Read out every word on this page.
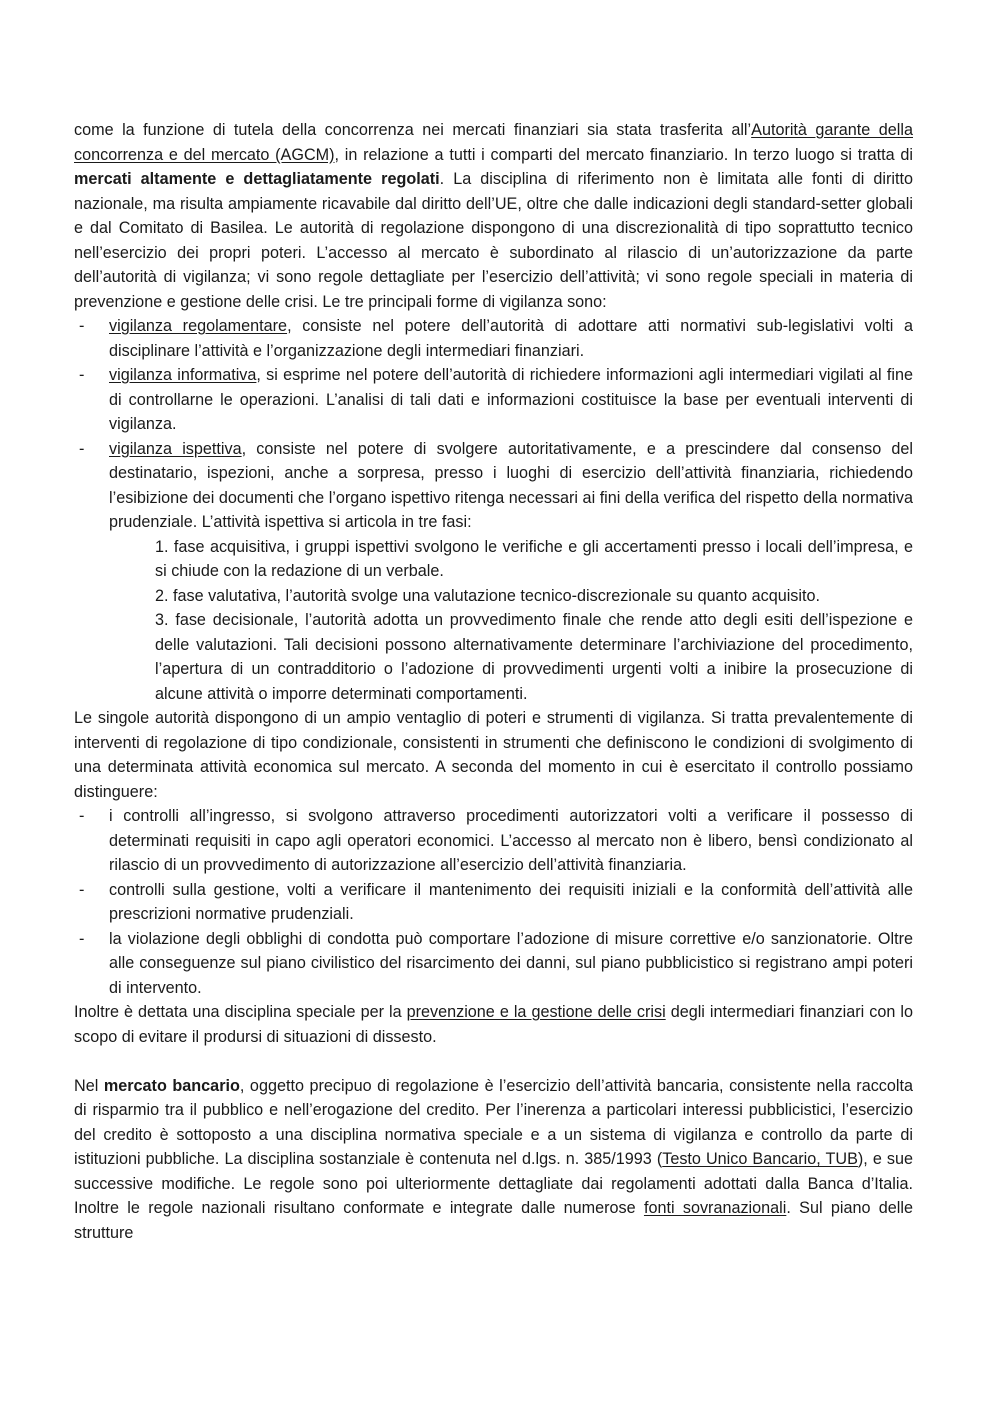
come la funzione di tutela della concorrenza nei mercati finanziari sia stata trasferita all’Autorità garante della concorrenza e del mercato (AGCM), in relazione a tutti i comparti del mercato finanziario. In terzo luogo si tratta di mercati altamente e dettagliatamente regolati. La disciplina di riferimento non è limitata alle fonti di diritto nazionale, ma risulta ampiamente ricavabile dal diritto dell’UE, oltre che dalle indicazioni degli standard-setter globali e dal Comitato di Basilea. Le autorità di regolazione dispongono di una discrezionalità di tipo soprattutto tecnico nell’esercizio dei propri poteri. L’accesso al mercato è subordinato al rilascio di un’autorizzazione da parte dell’autorità di vigilanza; vi sono regole dettagliate per l’esercizio dell’attività; vi sono regole speciali in materia di prevenzione e gestione delle crisi. Le tre principali forme di vigilanza sono:

- vigilanza regolamentare, consiste nel potere dell’autorità di adottare atti normativi sub-legislativi volti a disciplinare l’attività e l’organizzazione degli intermediari finanziari.
- vigilanza informativa, si esprime nel potere dell’autorità di richiedere informazioni agli intermediari vigilati al fine di controllarne le operazioni. L’analisi di tali dati e informazioni costituisce la base per eventuali interventi di vigilanza.
- vigilanza ispettiva, consiste nel potere di svolgere autoritativamente, e a prescindere dal consenso del destinatario, ispezioni, anche a sorpresa, presso i luoghi di esercizio dell’attività finanziaria, richiedendo l’esibizione dei documenti che l’organo ispettivo ritenga necessari ai fini della verifica del rispetto della normativa prudenziale. L’attività ispettiva si articola in tre fasi:
1. fase acquisitiva, i gruppi ispettivi svolgono le verifiche e gli accertamenti presso i locali dell’impresa, e si chiude con la redazione di un verbale.
2. fase valutativa, l’autorità svolge una valutazione tecnico-discrezionale su quanto acquisito.
3. fase decisionale, l’autorità adotta un provvedimento finale che rende atto degli esiti dell’ispezione e delle valutazioni. Tali decisioni possono alternativamente determinare l’archiviazione del procedimento, l’apertura di un contradditorio o l’adozione di provvedimenti urgenti volti a inibire la prosecuzione di alcune attività o imporre determinati comportamenti.

Le singole autorità dispongono di un ampio ventaglio di poteri e strumenti di vigilanza. Si tratta prevalentemente di interventi di regolazione di tipo condizionale, consistenti in strumenti che definiscono le condizioni di svolgimento di una determinata attività economica sul mercato. A seconda del momento in cui è esercitato il controllo possiamo distinguere:

- i controlli all’ingresso, si svolgono attraverso procedimenti autorizzatori volti a verificare il possesso di determinati requisiti in capo agli operatori economici. L’accesso al mercato non è libero, bensì condizionato al rilascio di un provvedimento di autorizzazione all’esercizio dell’attività finanziaria.
- controlli sulla gestione, volti a verificare il mantenimento dei requisiti iniziali e la conformità dell’attività alle prescrizioni normative prudenziali.
- la violazione degli obblighi di condotta può comportare l’adozione di misure correttive e/o sanzionatorie. Oltre alle conseguenze sul piano civilistico del risarcimento dei danni, sul piano pubblicistico si registrano ampi poteri di intervento.

Inoltre è dettata una disciplina speciale per la prevenzione e la gestione delle crisi degli intermediari finanziari con lo scopo di evitare il prodursi di situazioni di dissesto.

Nel mercato bancario, oggetto precipuo di regolazione è l’esercizio dell’attività bancaria, consistente nella raccolta di risparmio tra il pubblico e nell’erogazione del credito. Per l’inerenza a particolari interessi pubblicistici, l’esercizio del credito è sottoposto a una disciplina normativa speciale e a un sistema di vigilanza e controllo da parte di istituzioni pubbliche. La disciplina sostanziale è contenuta nel d.lgs. n. 385/1993 (Testo Unico Bancario, TUB), e sue successive modifiche. Le regole sono poi ulteriormente dettagliate dai regolamenti adottati dalla Banca d’Italia. Inoltre le regole nazionali risultano conformate e integrate dalle numerose fonti sovranazionali. Sul piano delle strutture
